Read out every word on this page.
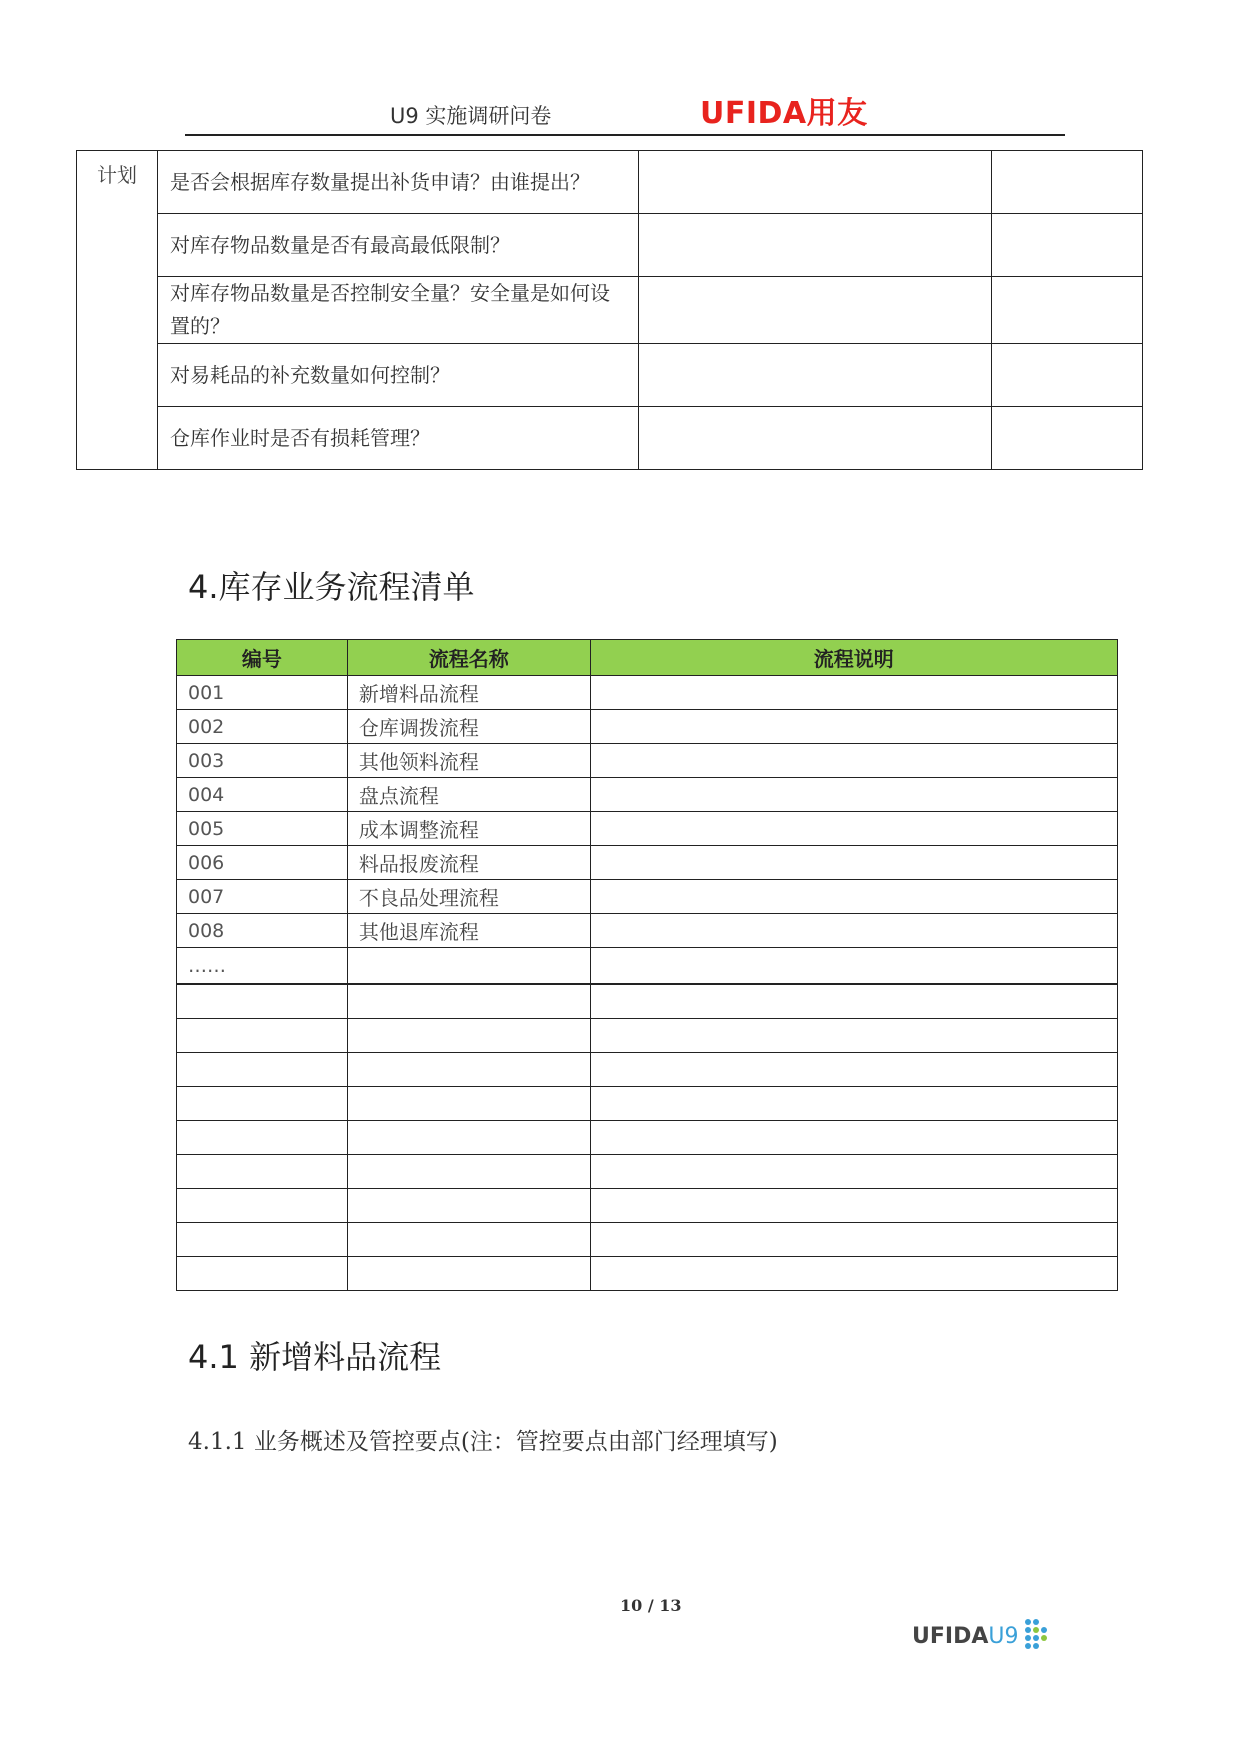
U9 实施调研问卷	UFIDA用友
计划	是否会根据库存数量提出补货申请？由谁提出？		
	对库存物品数量是否有最高最低限制？		
	对库存物品数量是否控制安全量？安全量是如何设置的？		
	对易耗品的补充数量如何控制？		
	仓库作业时是否有损耗管理？		
4.库存业务流程清单
编号	流程名称	流程说明
001	新增料品流程	
002	仓库调拨流程	
003	其他领料流程	
004	盘点流程	
005	成本调整流程	
006	料品报废流程	
007	不良品处理流程	
008	其他退库流程	
……		

4.1 新增料品流程
4.1.1 业务概述及管控要点(注：管控要点由部门经理填写)
10 / 13
UFIDAU9
